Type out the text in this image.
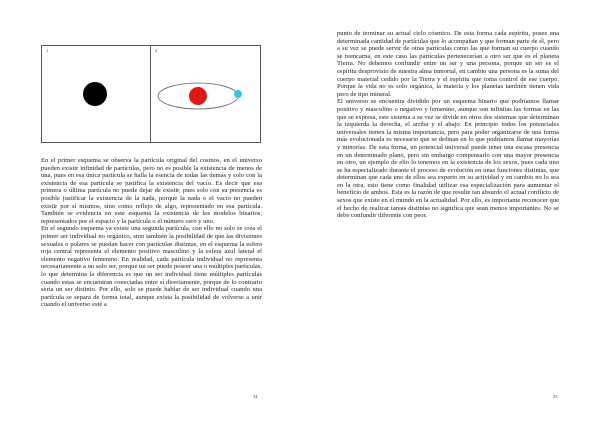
1	2

En el primer esquema se observa la partícula original del cosmos, en el universo pueden existir infinidad de partículas, pero no es posible la existencia de menos de una, pues en esa única partícula se halla la esencia de todas las demás y solo con la existencia de esa partícula se justifica la existencia del vacío. Es decir que esa primera o última partícula no puede dejar de existir, pues solo con su presencia es posible justificar la existencia de la nada, porque la nada o el vacío no pueden existir por sí mismos, sino como reflejo de algo, representado en esa partícula. También se evidencia en este esquema la existencia de los modelos binarios, representados por el espacio y la partícula o el número cero y uno.

En el segundo esquema ya existe una segunda partícula, con ello no solo se crea el primer ser individual no orgánico, sino también la posibilidad de que las divisiones sexuales o polares se puedan hacer con partículas distintas, en el esquema la esfera roja central representa el elemento positivo masculino y la esfera azul lateral el elemento negativo femenino. En realidad, cada partícula individual no representa necesariamente a un solo ser, porque un ser puede poseer una o múltiples partículas, lo que determina la diferencia es que un ser individual tiene múltiples partículas cuando estas se encuentran conectadas entre sí directamente, porque de lo contrario sería un ser distinto. Por ello, solo se puede hablar de ser individual cuando una partícula se separa de forma total, aunque exista la posibilidad de volverse a unir cuando el universo esté a

34

punto de terminar su actual ciclo cósmico. De esta forma cada espíritu, posee una determinada cantidad de partículas que lo acompañan y que forman parte de él, pero a su vez se puede servir de otras partículas como las que forman su cuerpo cuando se reencarna, en este caso las partículas pertenecerían a otro ser que es el planeta Tierra. No debemos confundir entre un ser y una persona, porque un ser es el espíritu desprovisto de nuestra alma inmortal, en cambio una persona es la suma del cuerpo material cedido por la Tierra y el espíritu que toma control de ese cuerpo. Porque la vida no es solo orgánica, la materia y los planetas también tienen vida pero de tipo mineral.

El universo se encuentra dividido por un esquema binario que podríamos llamar positivo y masculino o negativo y femenino, aunque son infinitas las formas en las que se expresa, este sistema a su vez se divide en otros dos sistemas que determinan la izquierda la derecha, el arriba y el abajo. En principio todos los potenciales universales tienen la misma importancia, pero para poder organizarse de una forma más evolucionada es necesario que se definan en lo que podríamos llamar mayorías y minorías. De esta forma, un potencial universal puede tener una escasa presencia en un determinado plano, pero sin embargo compensarlo con una mayor presencia en otro, un ejemplo de ello lo tenemos en la existencia de los sexos, pues cada uno se ha especializado durante el proceso de evolución en unas funciones distintas, que determinan que cada uno de ellos sea experto en su actividad y en cambio no lo sea en la otra, esto tiene como finalidad utilizar esa especialización para aumentar el beneficio de ambos. Esta es la razón de que resulte tan absurdo el actual conflicto de sexos que existe en el mundo en la actualidad. Por ello, es importante reconocer que el hecho de realizar tareas distintas no significa que sean menos importantes. No se debe confundir diferente con peor.

35
